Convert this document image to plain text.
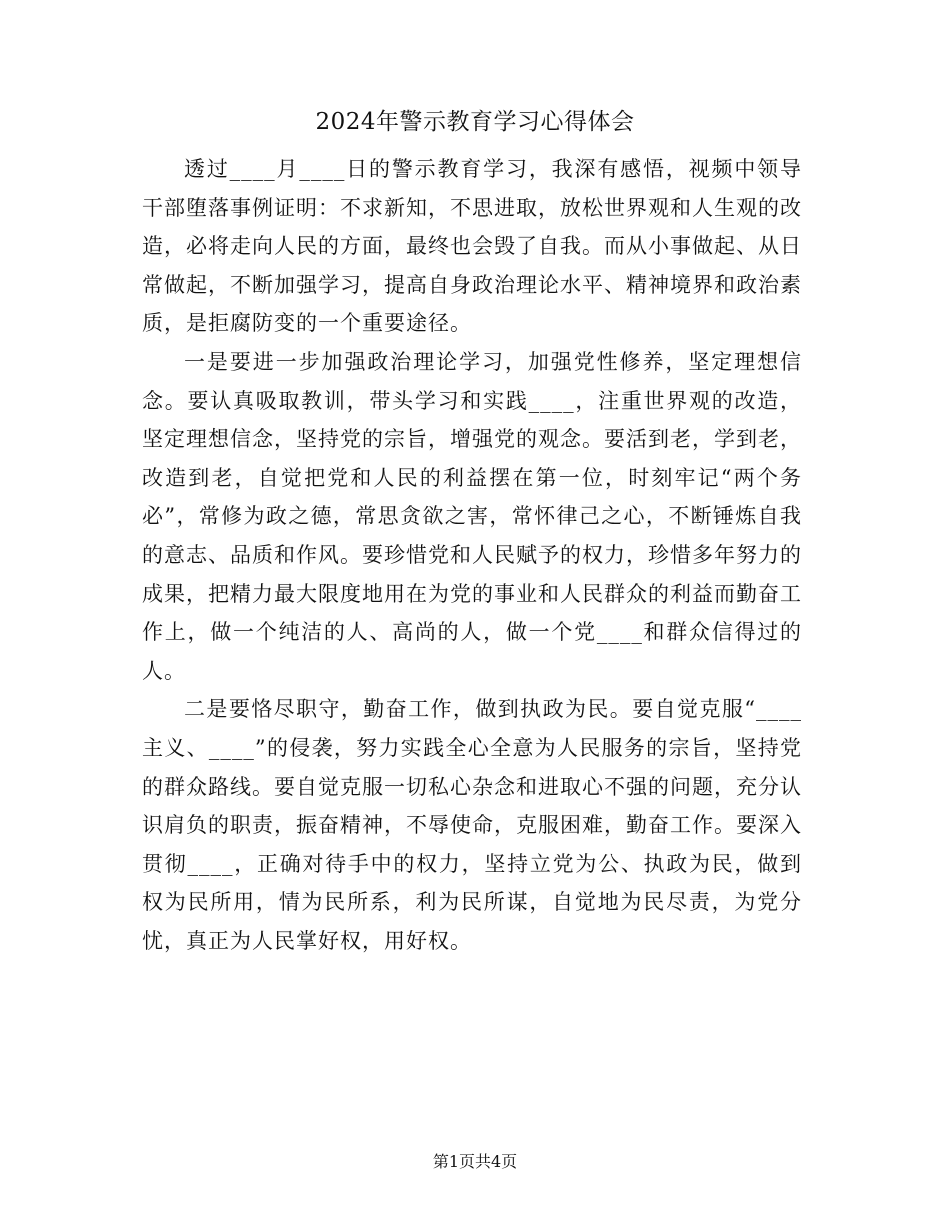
2024年警示教育学习心得体会

透过____月____日的警示教育学习，我深有感悟，视频中领导干部堕落事例证明：不求新知，不思进取，放松世界观和人生观的改造，必将走向人民的方面，最终也会毁了自我。而从小事做起、从日常做起，不断加强学习，提高自身政治理论水平、精神境界和政治素质，是拒腐防变的一个重要途径。

一是要进一步加强政治理论学习，加强党性修养，坚定理想信念。要认真吸取教训，带头学习和实践____，注重世界观的改造，坚定理想信念，坚持党的宗旨，增强党的观念。要活到老，学到老，改造到老，自觉把党和人民的利益摆在第一位，时刻牢记“两个务必”，常修为政之德，常思贪欲之害，常怀律己之心，不断锤炼自我的意志、品质和作风。要珍惜党和人民赋予的权力，珍惜多年努力的成果，把精力最大限度地用在为党的事业和人民群众的利益而勤奋工作上，做一个纯洁的人、高尚的人，做一个党____和群众信得过的人。

二是要恪尽职守，勤奋工作，做到执政为民。要自觉克服“____主义、____”的侵袭，努力实践全心全意为人民服务的宗旨，坚持党的群众路线。要自觉克服一切私心杂念和进取心不强的问题，充分认识肩负的职责，振奋精神，不辱使命，克服困难，勤奋工作。要深入贯彻____，正确对待手中的权力，坚持立党为公、执政为民，做到权为民所用，情为民所系，利为民所谋，自觉地为民尽责，为党分忧，真正为人民掌好权，用好权。

第1页共4页
